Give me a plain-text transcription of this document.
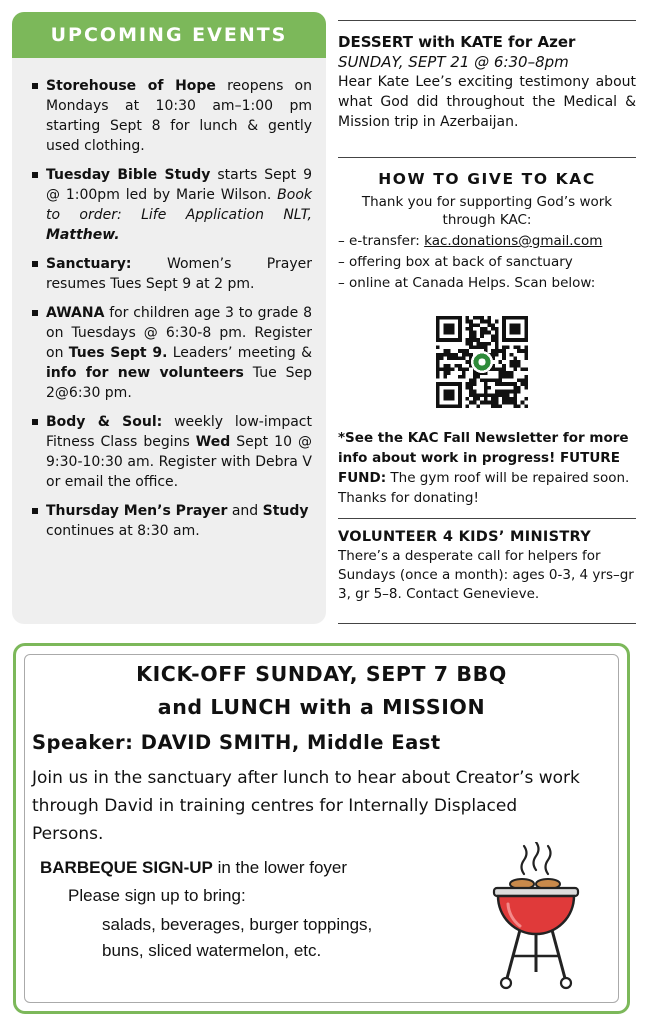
UPCOMING EVENTS
Storehouse of Hope reopens on Mondays at 10:30 am–1:00 pm starting Sept 8 for lunch & gently used clothing.
Tuesday Bible Study starts Sept 9 @ 1:00pm led by Marie Wilson. Book to order: Life Application NLT, Matthew.
Sanctuary: Women’s Prayer resumes Tues Sept 9 at 2 pm.
AWANA for children age 3 to grade 8 on Tuesdays @ 6:30-8 pm. Register on Tues Sept 9. Leaders’ meeting & info for new volunteers Tue Sep 2@6:30 pm.
Body & Soul: weekly low-impact Fitness Class begins Wed Sept 10 @ 9:30-10:30 am. Register with Debra V or email the office.
Thursday Men’s Prayer and Study continues at 8:30 am.
DESSERT with KATE for Azer
SUNDAY, SEPT 21 @ 6:30–8pm
Hear Kate Lee’s exciting testimony about what God did throughout the Medical & Mission trip in Azerbaijan.
HOW TO GIVE TO KAC
Thank you for supporting God’s work through KAC:
– e-transfer: kac.donations@gmail.com
– offering box at back of sanctuary
– online at Canada Helps. Scan below:
*See the KAC Fall Newsletter for more info about work in progress! FUTURE FUND: The gym roof will be repaired soon. Thanks for donating!
VOLUNTEER 4 KIDS’ MINISTRY
There’s a desperate call for helpers for Sundays (once a month): ages 0-3, 4 yrs–gr 3, gr 5–8. Contact Genevieve.
KICK-OFF SUNDAY, SEPT 7 BBQ
and LUNCH with a MISSION
Speaker: DAVID SMITH, Middle East
Join us in the sanctuary after lunch to hear about Creator’s work through David in training centres for Internally Displaced Persons.
BARBEQUE SIGN-UP in the lower foyer
Please sign up to bring:
salads, beverages, burger toppings,
buns, sliced watermelon, etc.
